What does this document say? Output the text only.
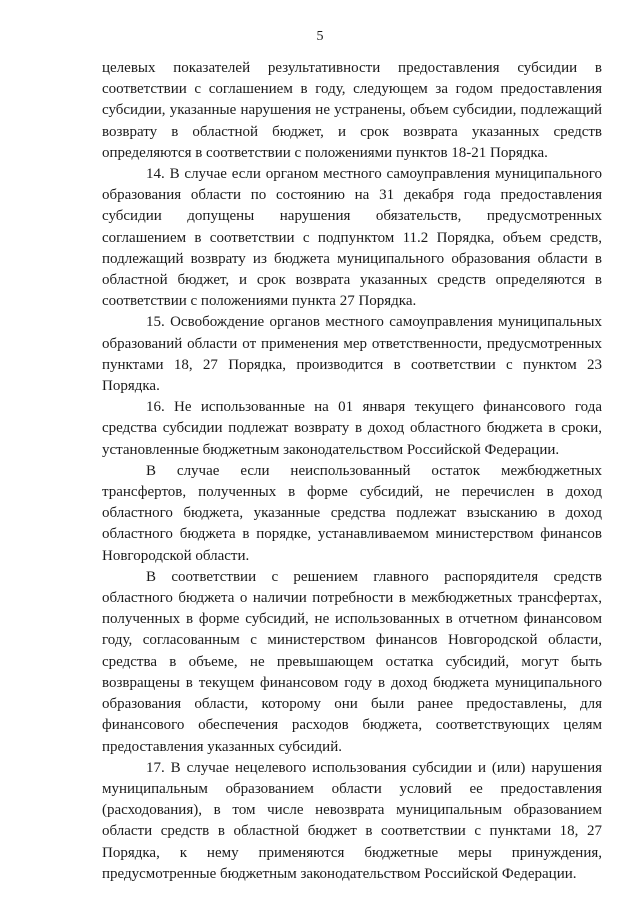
5

целевых показателей результативности предоставления субсидии в соответствии с соглашением в году, следующем за годом предоставления субсидии, указанные нарушения не устранены, объем субсидии, подлежащий возврату в областной бюджет, и срок возврата указанных средств определяются в соответствии с положениями пунктов 18-21 Порядка.

14. В случае если органом местного самоуправления муниципального образования области по состоянию на 31 декабря года предоставления субсидии допущены нарушения обязательств, предусмотренных соглашением в соответствии с подпунктом 11.2 Порядка, объем средств, подлежащий возврату из бюджета муниципального образования области в областной бюджет, и срок возврата указанных средств определяются в соответствии с положениями пункта 27 Порядка.

15. Освобождение органов местного самоуправления муниципальных образований области от применения мер ответственности, предусмотренных пунктами 18, 27 Порядка, производится в соответствии с пунктом 23 Порядка.

16. Не использованные на 01 января текущего финансового года средства субсидии подлежат возврату в доход областного бюджета в сроки, установленные бюджетным законодательством Российской Федерации.

В случае если неиспользованный остаток межбюджетных трансфертов, полученных в форме субсидий, не перечислен в доход областного бюджета, указанные средства подлежат взысканию в доход областного бюджета в порядке, устанавливаемом министерством финансов Новгородской области.

В соответствии с решением главного распорядителя средств областного бюджета о наличии потребности в межбюджетных трансфертах, полученных в форме субсидий, не использованных в отчетном финансовом году, согласованным с министерством финансов Новгородской области, средства в объеме, не превышающем остатка субсидий, могут быть возвращены в текущем финансовом году в доход бюджета муниципального образования области, которому они были ранее предоставлены, для финансового обеспечения расходов бюджета, соответствующих целям предоставления указанных субсидий.

17. В случае нецелевого использования субсидии и (или) нарушения муниципальным образованием области условий ее предоставления (расходования), в том числе невозврата муниципальным образованием области средств в областной бюджет в соответствии с пунктами 18, 27 Порядка, к нему применяются бюджетные меры принуждения, предусмотренные бюджетным законодательством Российской Федерации.
